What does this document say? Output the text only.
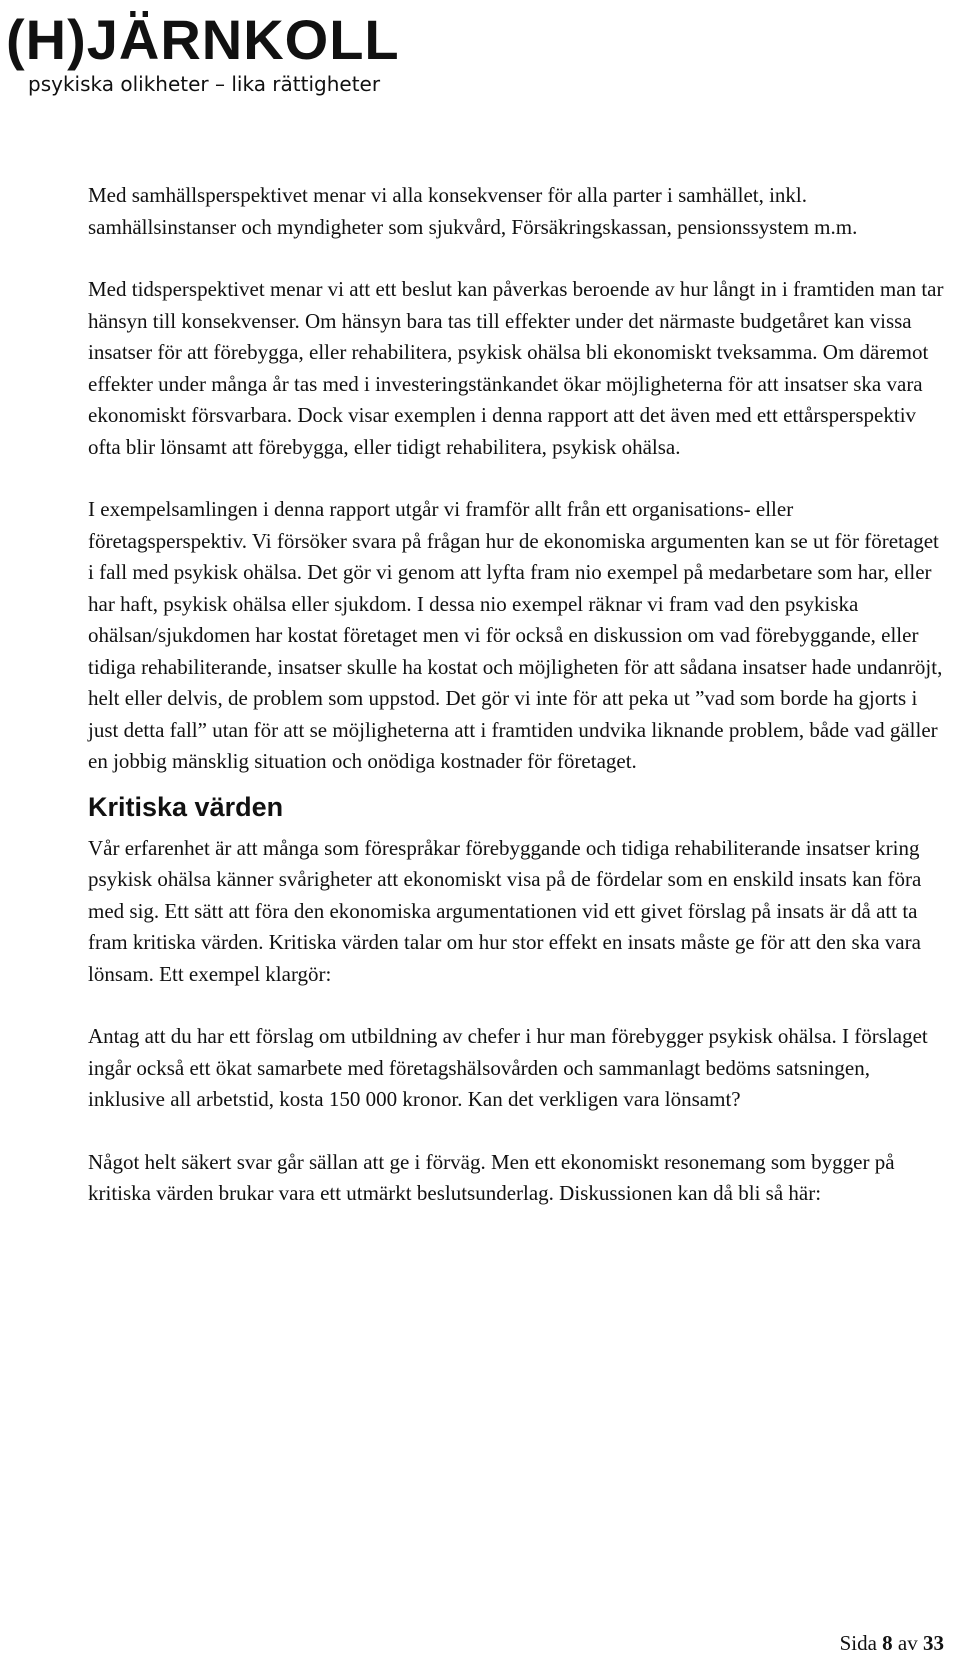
(H)JÄRNKOLL
psykiska olikheter – lika rättigheter

Med samhällsperspektivet menar vi alla konsekvenser för alla parter i samhället, inkl. samhällsinstanser och myndigheter som sjukvård, Försäkringskassan, pensionssystem m.m.

Med tidsperspektivet menar vi att ett beslut kan påverkas beroende av hur långt in i framtiden man tar hänsyn till konsekvenser. Om hänsyn bara tas till effekter under det närmaste budgetåret kan vissa insatser för att förebygga, eller rehabilitera, psykisk ohälsa bli ekonomiskt tveksamma. Om däremot effekter under många år tas med i investeringstänkandet ökar möjligheterna för att insatser ska vara ekonomiskt försvarbara. Dock visar exemplen i denna rapport att det även med ett ettårsperspektiv ofta blir lönsamt att förebygga, eller tidigt rehabilitera, psykisk ohälsa.

I exempelsamlingen i denna rapport utgår vi framför allt från ett organisations- eller företagsperspektiv. Vi försöker svara på frågan hur de ekonomiska argumenten kan se ut för företaget i fall med psykisk ohälsa. Det gör vi genom att lyfta fram nio exempel på medarbetare som har, eller har haft, psykisk ohälsa eller sjukdom. I dessa nio exempel räknar vi fram vad den psykiska ohälsan/sjukdomen har kostat företaget men vi för också en diskussion om vad förebyggande, eller tidiga rehabiliterande, insatser skulle ha kostat och möjligheten för att sådana insatser hade undanröjt, helt eller delvis, de problem som uppstod. Det gör vi inte för att peka ut ”vad som borde ha gjorts i just detta fall” utan för att se möjligheterna att i framtiden undvika liknande problem, både vad gäller en jobbig mänsklig situation och onödiga kostnader för företaget.

Kritiska värden

Vår erfarenhet är att många som förespråkar förebyggande och tidiga rehabiliterande insatser kring psykisk ohälsa känner svårigheter att ekonomiskt visa på de fördelar som en enskild insats kan föra med sig. Ett sätt att föra den ekonomiska argumentationen vid ett givet förslag på insats är då att ta fram kritiska värden. Kritiska värden talar om hur stor effekt en insats måste ge för att den ska vara lönsam. Ett exempel klargör:

Antag att du har ett förslag om utbildning av chefer i hur man förebygger psykisk ohälsa. I förslaget ingår också ett ökat samarbete med företagshälsovården och sammanlagt bedöms satsningen, inklusive all arbetstid, kosta 150 000 kronor. Kan det verkligen vara lönsamt?

Något helt säkert svar går sällan att ge i förväg. Men ett ekonomiskt resonemang som bygger på kritiska värden brukar vara ett utmärkt beslutsunderlag. Diskussionen kan då bli så här:

Sida 8 av 33
